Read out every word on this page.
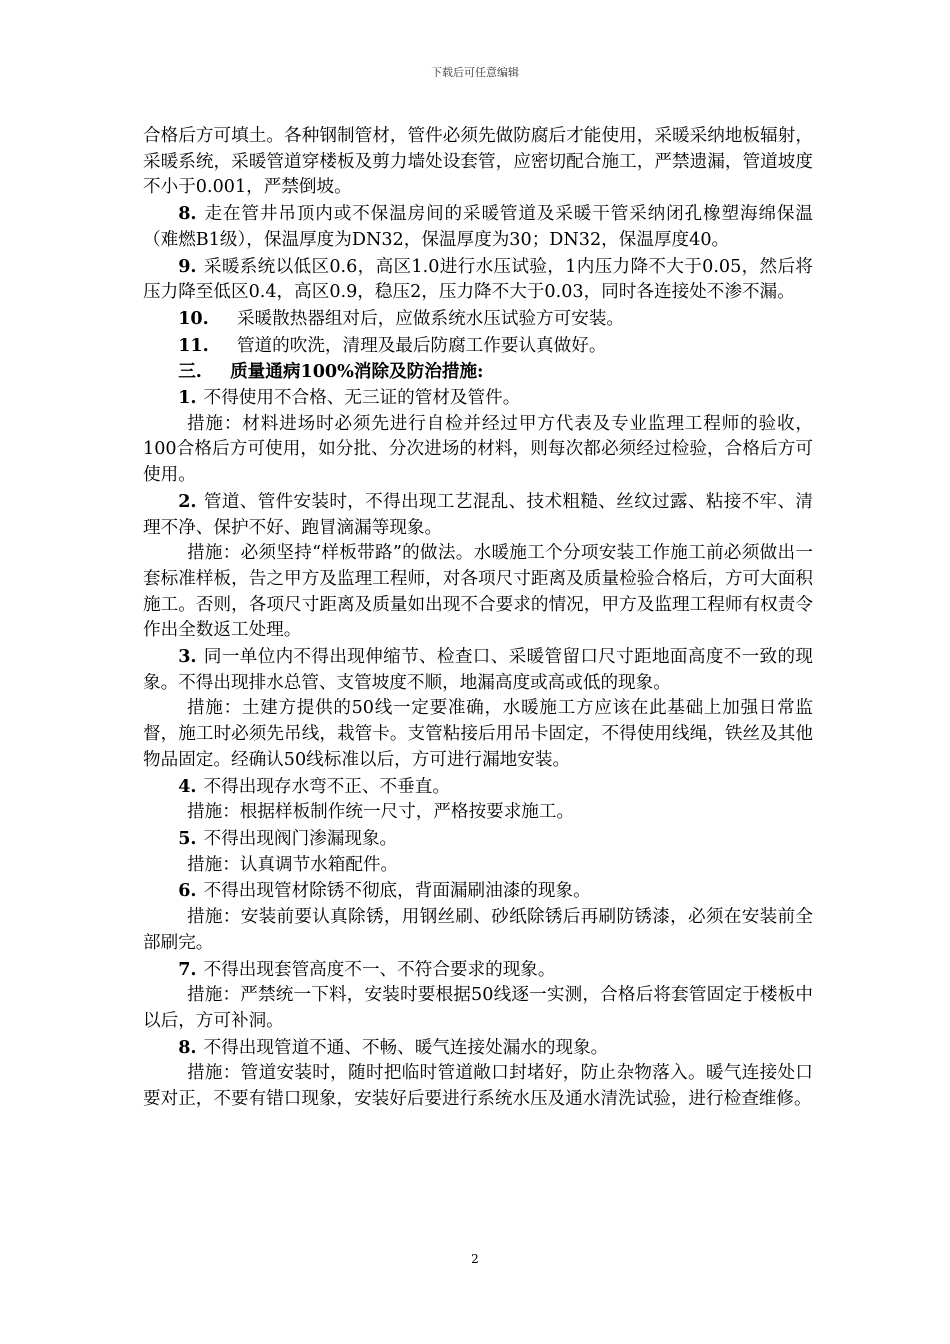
下载后可任意编辑

合格后方可填土。各种钢制管材，管件必须先做防腐后才能使用，采暖采纳地板辐射，采暖系统，采暖管道穿楼板及剪力墙处设套管，应密切配合施工，严禁遗漏，管道坡度不小于0.001，严禁倒坡。

8. 走在管井吊顶内或不保温房间的采暖管道及采暖干管采纳闭孔橡塑海绵保温（难燃B1级），保温厚度为DN32，保温厚度为30；DN32，保温厚度40。

9. 采暖系统以低区0.6，高区1.0进行水压试验，1内压力降不大于0.05，然后将压力降至低区0.4，高区0.9，稳压2，压力降不大于0.03，同时各连接处不渗不漏。

10. 采暖散热器组对后，应做系统水压试验方可安装。

11. 管道的吹洗，清理及最后防腐工作要认真做好。

三. 质量通病100%消除及防治措施:

1. 不得使用不合格、无三证的管材及管件。

措施：材料进场时必须先进行自检并经过甲方代表及专业监理工程师的验收，100合格后方可使用，如分批、分次进场的材料，则每次都必须经过检验，合格后方可使用。

2. 管道、管件安装时，不得出现工艺混乱、技术粗糙、丝纹过露、粘接不牢、清理不净、保护不好、跑冒滴漏等现象。

措施：必须坚持“样板带路”的做法。水暖施工个分项安装工作施工前必须做出一套标准样板，告之甲方及监理工程师，对各项尺寸距离及质量检验合格后，方可大面积施工。否则，各项尺寸距离及质量如出现不合要求的情况，甲方及监理工程师有权责令作出全数返工处理。

3. 同一单位内不得出现伸缩节、检查口、采暖管留口尺寸距地面高度不一致的现象。不得出现排水总管、支管坡度不顺，地漏高度或高或低的现象。

措施：土建方提供的50线一定要准确，水暖施工方应该在此基础上加强日常监督，施工时必须先吊线，栽管卡。支管粘接后用吊卡固定，不得使用线绳，铁丝及其他物品固定。经确认50线标准以后，方可进行漏地安装。

4. 不得出现存水弯不正、不垂直。

措施：根据样板制作统一尺寸，严格按要求施工。

5. 不得出现阀门渗漏现象。

措施：认真调节水箱配件。

6. 不得出现管材除锈不彻底，背面漏刷油漆的现象。

措施：安装前要认真除锈，用钢丝刷、砂纸除锈后再刷防锈漆，必须在安装前全部刷完。

7. 不得出现套管高度不一、不符合要求的现象。

措施：严禁统一下料，安装时要根据50线逐一实测，合格后将套管固定于楼板中以后，方可补洞。

8. 不得出现管道不通、不畅、暖气连接处漏水的现象。

措施：管道安装时，随时把临时管道敞口封堵好，防止杂物落入。暖气连接处口要对正，不要有错口现象，安装好后要进行系统水压及通水清洗试验，进行检查维修。

2
